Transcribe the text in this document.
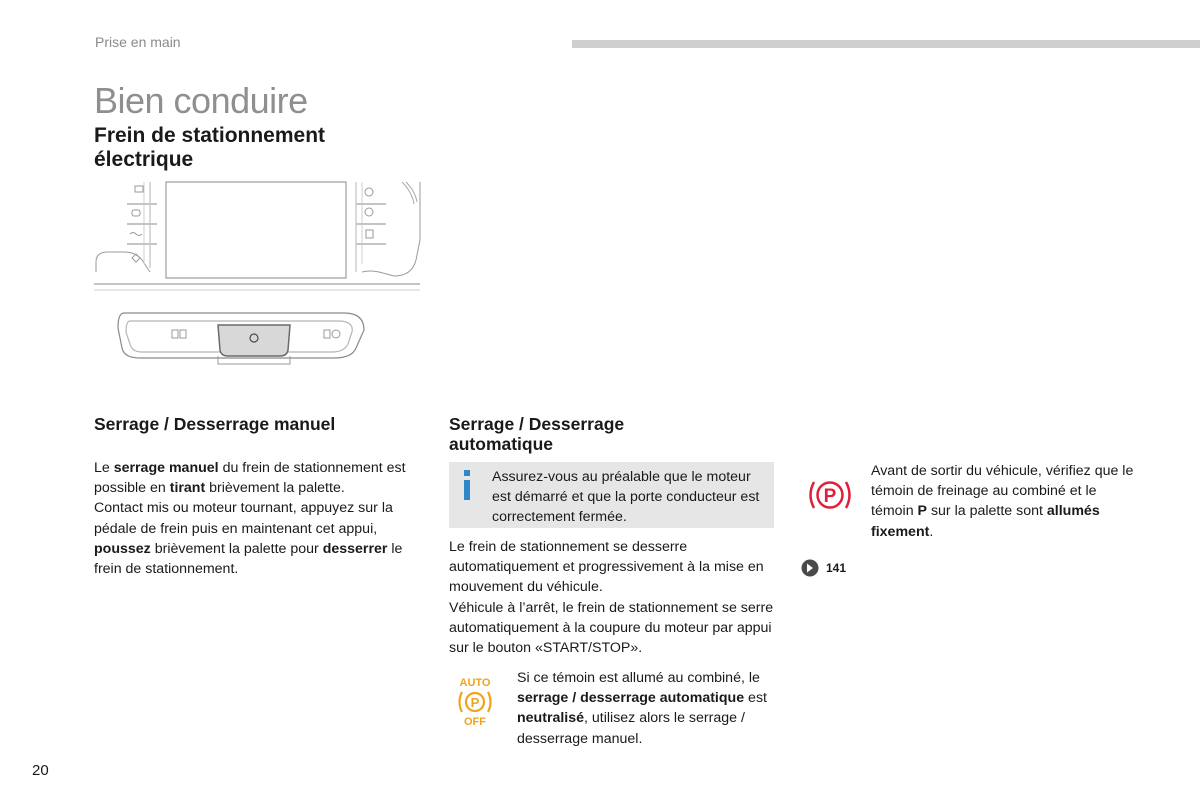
Prise en main
Bien conduire
Frein de stationnement
électrique
Serrage / Desserrage manuel
Le serrage manuel du frein de stationnement est possible en tirant brièvement la palette.
Contact mis ou moteur tournant, appuyez sur la pédale de frein puis en maintenant cet appui, poussez brièvement la palette pour desserrer le frein de stationnement.
Serrage / Desserrage
automatique
Assurez-vous au préalable que le moteur est démarré et que la porte conducteur est correctement fermée.
Le frein de stationnement se desserre automatiquement et progressivement à la mise en mouvement du véhicule.
Véhicule à l’arrêt, le frein de stationnement se serre automatiquement à la coupure du moteur par appui sur le bouton «START/STOP».
AUTO
P
OFF
Si ce témoin est allumé au combiné, le serrage / desserrage automatique est neutralisé, utilisez alors le serrage / desserrage manuel.
P
Avant de sortir du véhicule, vérifiez que le témoin de freinage au combiné et le témoin P sur la palette sont allumés fixement.
141
20
